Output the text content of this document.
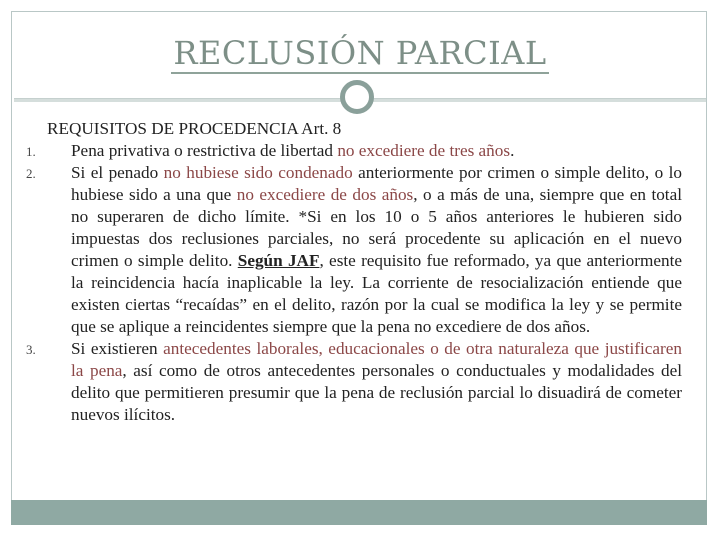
RECLUSIÓN PARCIAL
REQUISITOS DE PROCEDENCIA Art. 8
1. Pena privativa o restrictiva de libertad no excediere de tres años.
2. Si el penado no hubiese sido condenado anteriormente por crimen o simple delito, o lo hubiese sido a una que no excediere de dos años, o a más de una, siempre que en total no superaren de dicho límite. *Si en los 10 o 5 años anteriores le hubieren sido impuestas dos reclusiones parciales, no será procedente su aplicación en el nuevo crimen o simple delito. Según JAF, este requisito fue reformado, ya que anteriormente la reincidencia hacía inaplicable la ley. La corriente de resocialización entiende que existen ciertas “recaídas” en el delito, razón por la cual se modifica la ley y se permite que se aplique a reincidentes siempre que la pena no excediere de dos años.
3. Si existieren antecedentes laborales, educacionales o de otra naturaleza que justificaren la pena, así como de otros antecedentes personales o conductuales y modalidades del delito que permitieren presumir que la pena de reclusión parcial lo disuadirá de cometer nuevos ilícitos.
